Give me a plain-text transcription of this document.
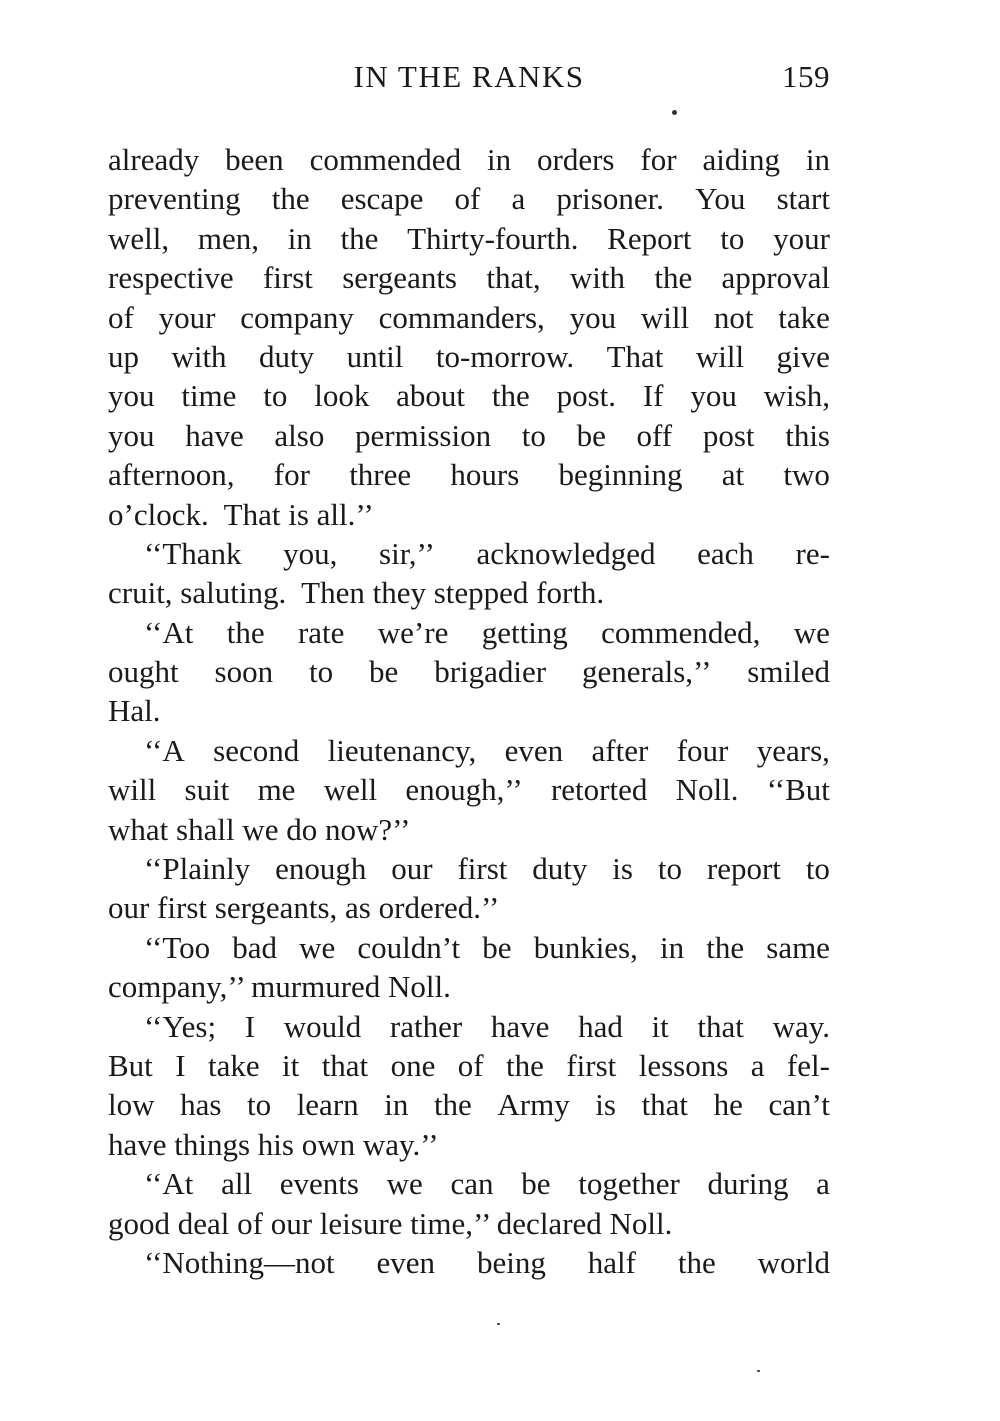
IN THE RANKS	159
already been commended in orders for aiding in
preventing the escape of a prisoner. You start
well, men, in the Thirty-fourth. Report to your
respective first sergeants that, with the approval
of your company commanders, you will not take
up with duty until to-morrow. That will give
you time to look about the post. If you wish,
you have also permission to be off post this
afternoon, for three hours beginning at two
o’clock.  That is all.’’
‘‘Thank you, sir,’’ acknowledged each re-
cruit, saluting.  Then they stepped forth.
‘‘At the rate we’re getting commended, we
ought soon to be brigadier generals,’’ smiled
Hal.
‘‘A second lieutenancy, even after four years,
will suit me well enough,’’ retorted Noll. ‘‘But
what shall we do now?’’
‘‘Plainly enough our first duty is to report to
our first sergeants, as ordered.’’
‘‘Too bad we couldn’t be bunkies, in the same
company,’’ murmured Noll.
‘‘Yes; I would rather have had it that way.
But I take it that one of the first lessons a fel-
low has to learn in the Army is that he can’t
have things his own way.’’
‘‘At all events we can be together during a
good deal of our leisure time,’’ declared Noll.
‘‘Nothing—not even being half the world
